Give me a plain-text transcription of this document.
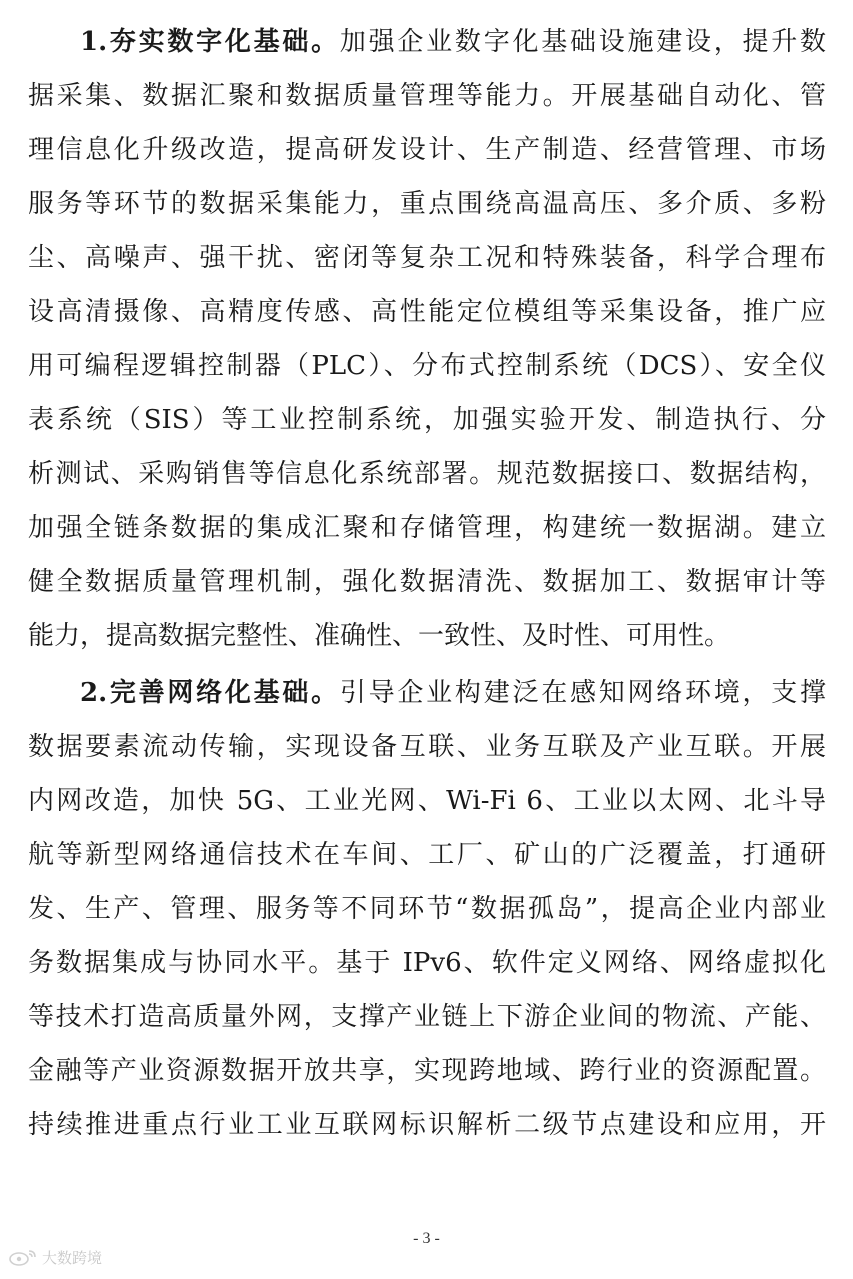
1.夯实数字化基础。加强企业数字化基础设施建设，提升数
据采集、数据汇聚和数据质量管理等能力。开展基础自动化、管
理信息化升级改造，提高研发设计、生产制造、经营管理、市场
服务等环节的数据采集能力，重点围绕高温高压、多介质、多粉
尘、高噪声、强干扰、密闭等复杂工况和特殊装备，科学合理布
设高清摄像、高精度传感、高性能定位模组等采集设备，推广应
用可编程逻辑控制器（PLC）、分布式控制系统（DCS）、安全仪
表系统（SIS）等工业控制系统，加强实验开发、制造执行、分
析测试、采购销售等信息化系统部署。规范数据接口、数据结构，
加强全链条数据的集成汇聚和存储管理，构建统一数据湖。建立
健全数据质量管理机制，强化数据清洗、数据加工、数据审计等
能力，提高数据完整性、准确性、一致性、及时性、可用性。
2.完善网络化基础。引导企业构建泛在感知网络环境，支撑
数据要素流动传输，实现设备互联、业务互联及产业互联。开展
内网改造，加快 5G、工业光网、Wi-Fi 6、工业以太网、北斗导
航等新型网络通信技术在车间、工厂、矿山的广泛覆盖，打通研
发、生产、管理、服务等不同环节“数据孤岛”，提高企业内部业
务数据集成与协同水平。基于 IPv6、软件定义网络、网络虚拟化
等技术打造高质量外网，支撑产业链上下游企业间的物流、产能、
金融等产业资源数据开放共享，实现跨地域、跨行业的资源配置。
持续推进重点行业工业互联网标识解析二级节点建设和应用，开
- 3 -
大数跨境
